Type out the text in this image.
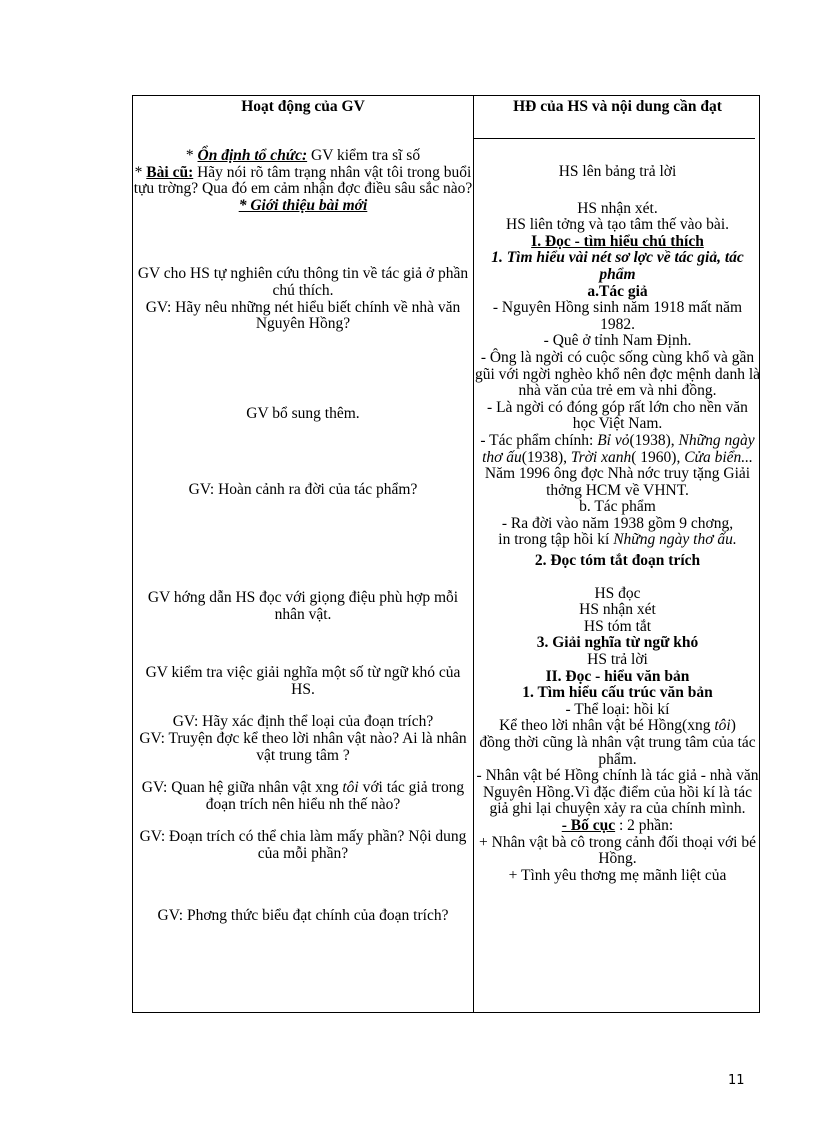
Hoạt động của GV	HĐ của HS và nội dung cần đạt

* Ổn định tổ chức: GV kiểm tra sĩ số

* Bài cũ: Hãy nói rõ tâm trạng nhân vật tôi trong buổi tựu trờng? Qua đó em cảm nhận đợc điều sâu sắc nào?

* Giới thiệu bài mới

GV cho HS tự nghiên cứu thông tin về tác giả ở phần chú thích.

GV: Hãy nêu những nét hiểu biết chính về nhà văn Nguyên Hồng?

GV bổ sung thêm.

GV: Hoàn cảnh ra đời của tác phẩm?

GV hớng dẫn HS đọc với giọng điệu phù hợp mỗi nhân vật.

GV kiểm tra việc giải nghĩa một số từ ngữ khó của HS.

GV: Hãy xác định thể loại của đoạn trích?

GV: Truyện đợc kể theo lời nhân vật nào? Ai là nhân vật trung tâm ?

GV: Quan hệ giữa nhân vật xng tôi với tác giả trong đoạn trích nên hiểu nh thế nào?

GV: Đoạn trích có thể chia làm mấy phần? Nội dung của mỗi phần?

GV: Phơng thức biểu đạt chính của đoạn trích?

HS lên bảng trả lời

HS nhận xét.

HS liên tởng và tạo tâm thế vào bài.

I. Đọc - tìm hiểu chú thích

1. Tìm hiểu vài nét sơ lợc về tác giả, tác phẩm

a.Tác giả

- Nguyên Hồng sinh năm 1918 mất năm 1982.

- Quê ở tỉnh Nam Định.

- Ông là ngời có cuộc sống cùng khổ và gần gũi với ngời nghèo khổ nên đợc mệnh danh là nhà văn của trẻ em và nhi đồng.

- Là ngời có đóng góp rất lớn cho nền văn học Việt Nam.

- Tác phẩm chính: Bỉ vỏ(1938), Những ngày thơ ấu(1938), Trời xanh( 1960), Cửa biển...

Năm 1996 ông đợc Nhà nớc truy tặng Giải thởng HCM về VHNT.

b. Tác phẩm

- Ra đời vào năm 1938 gồm 9 chơng,

in trong tập hồi kí Những ngày thơ ấu.

2. Đọc tóm tắt đoạn trích

HS đọc

HS nhận xét

HS tóm tắt

3. Giải nghĩa từ ngữ khó

HS trả lời

II. Đọc - hiểu văn bản

1. Tìm hiểu cấu trúc văn bản

- Thể loại: hồi kí

Kể theo lời nhân vật bé Hồng(xng tôi)

đồng thời cũng là nhân vật trung tâm của tác phẩm.

- Nhân vật bé Hồng chính là tác giả - nhà văn Nguyên Hồng.Vì đặc điểm của hồi kí là tác giả ghi lại chuyện xảy ra của chính mình.

- Bố cục : 2 phần:

+ Nhân vật bà cô trong cảnh đối thoại với bé Hồng.

+ Tình yêu thơng mẹ mãnh liệt của

11
